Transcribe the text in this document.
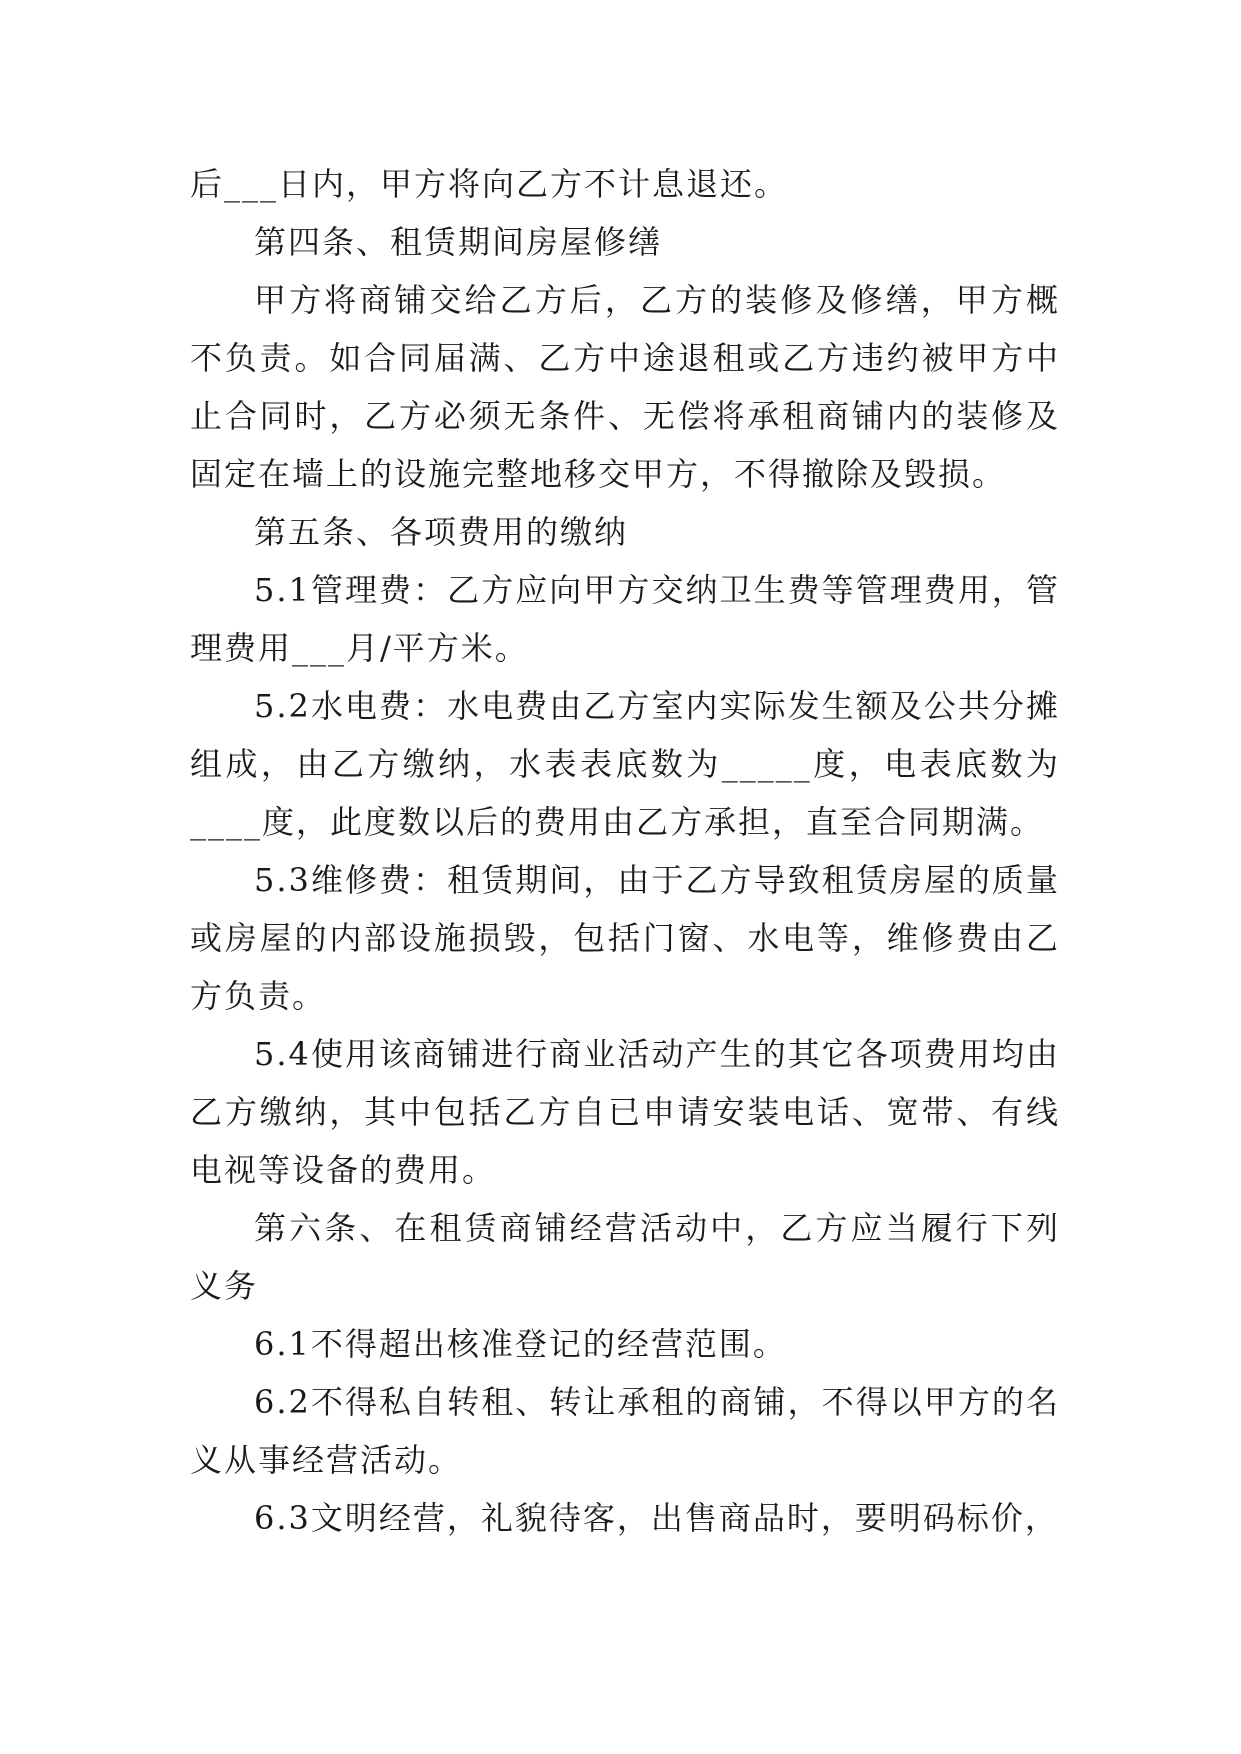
后___日内，甲方将向乙方不计息退还。

第四条、租赁期间房屋修缮

甲方将商铺交给乙方后，乙方的装修及修缮，甲方概不负责。如合同届满、乙方中途退租或乙方违约被甲方中止合同时，乙方必须无条件、无偿将承租商铺内的装修及固定在墙上的设施完整地移交甲方，不得撤除及毁损。

第五条、各项费用的缴纳

5.1管理费：乙方应向甲方交纳卫生费等管理费用，管理费用___月/平方米。

5.2水电费：水电费由乙方室内实际发生额及公共分摊组成，由乙方缴纳，水表表底数为_____度，电表底数为____度，此度数以后的费用由乙方承担，直至合同期满。

5.3维修费：租赁期间，由于乙方导致租赁房屋的质量或房屋的内部设施损毁，包括门窗、水电等，维修费由乙方负责。

5.4使用该商铺进行商业活动产生的其它各项费用均由乙方缴纳，其中包括乙方自已申请安装电话、宽带、有线电视等设备的费用。

第六条、在租赁商铺经营活动中，乙方应当履行下列义务

6.1不得超出核准登记的经营范围。

6.2不得私自转租、转让承租的商铺，不得以甲方的名义从事经营活动。

6.3文明经营，礼貌待客，出售商品时，要明码标价，
